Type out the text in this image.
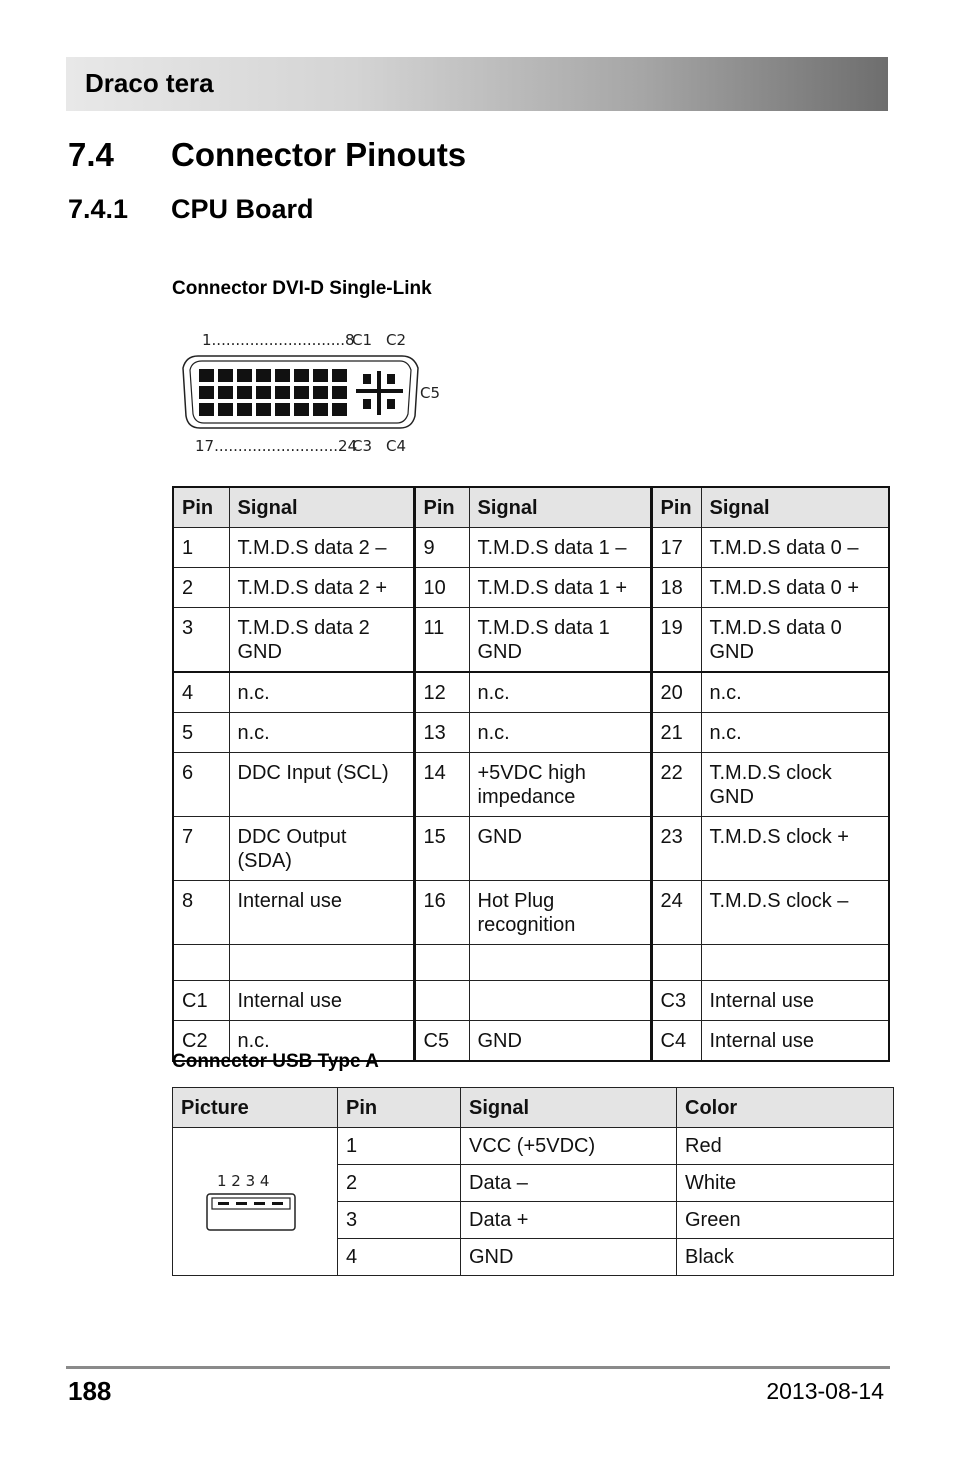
Draco tera
7.4 Connector Pinouts
7.4.1 CPU Board
Connector DVI-D Single-Link
1............................8
C1 C2
C5
17..........................24
C3 C4
Pin	Signal	Pin	Signal	Pin	Signal
1	T.M.D.S data 2 –	9	T.M.D.S data 1 –	17	T.M.D.S data 0 –
2	T.M.D.S data 2 +	10	T.M.D.S data 1 +	18	T.M.D.S data 0 +
3	T.M.D.S data 2 GND	11	T.M.D.S data 1 GND	19	T.M.D.S data 0 GND
4	n.c.	12	n.c.	20	n.c.
5	n.c.	13	n.c.	21	n.c.
6	DDC Input (SCL)	14	+5VDC high impedance	22	T.M.D.S clock GND
7	DDC Output (SDA)	15	GND	23	T.M.D.S clock +
8	Internal use	16	Hot Plug recognition	24	T.M.D.S clock –

C1	Internal use			C3	Internal use
C2	n.c.	C5	GND	C4	Internal use
Connector USB Type A
Picture	Pin	Signal	Color

1 2 3 4	1	VCC (+5VDC)	Red
	2	Data –	White
	3	Data +	Green
	4	GND	Black
188	2013-08-14
